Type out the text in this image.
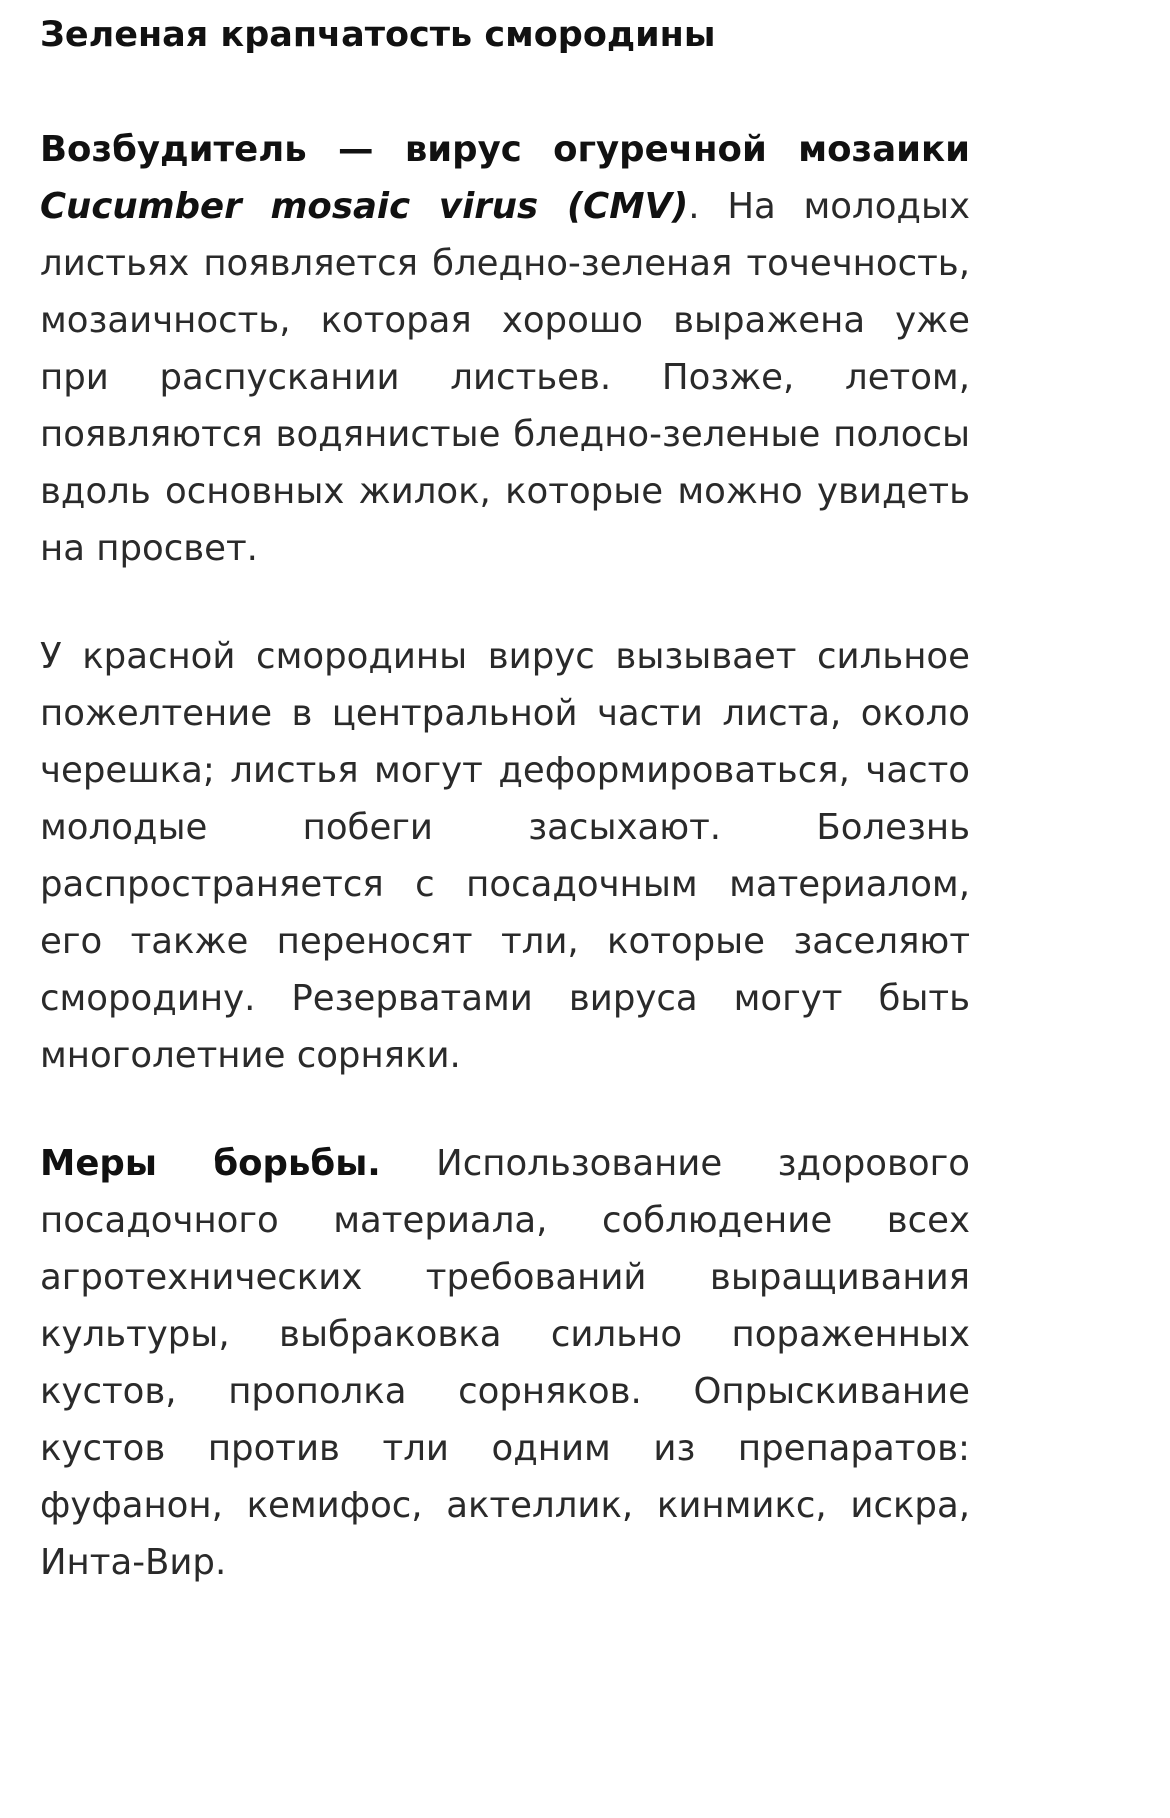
Зеленая крапчатость смородины

Возбудитель — вирус огуречной мозаики Cucumber mosaic virus (CMV). На молодых листьях появляется бледно-зеленая точечность, мозаичность, которая хорошо выражена уже при распускании листьев. Позже, летом, появляются водянистые бледно-зеленые полосы вдоль основных жилок, которые можно увидеть на просвет.

У красной смородины вирус вызывает сильное пожелтение в центральной части листа, около черешка; листья могут деформироваться, часто молодые побеги засыхают. Болезнь распространяется с посадочным материалом, его также переносят тли, которые заселяют смородину. Резерватами вируса могут быть многолетние сорняки.

Меры борьбы. Использование здорового посадочного материала, соблюдение всех агротехнических требований выращивания культуры, выбраковка сильно пораженных кустов, прополка сорняков. Опрыскивание кустов против тли одним из препаратов: фуфанон, кемифос, актеллик, кинмикс, искра, Инта-Вир.
